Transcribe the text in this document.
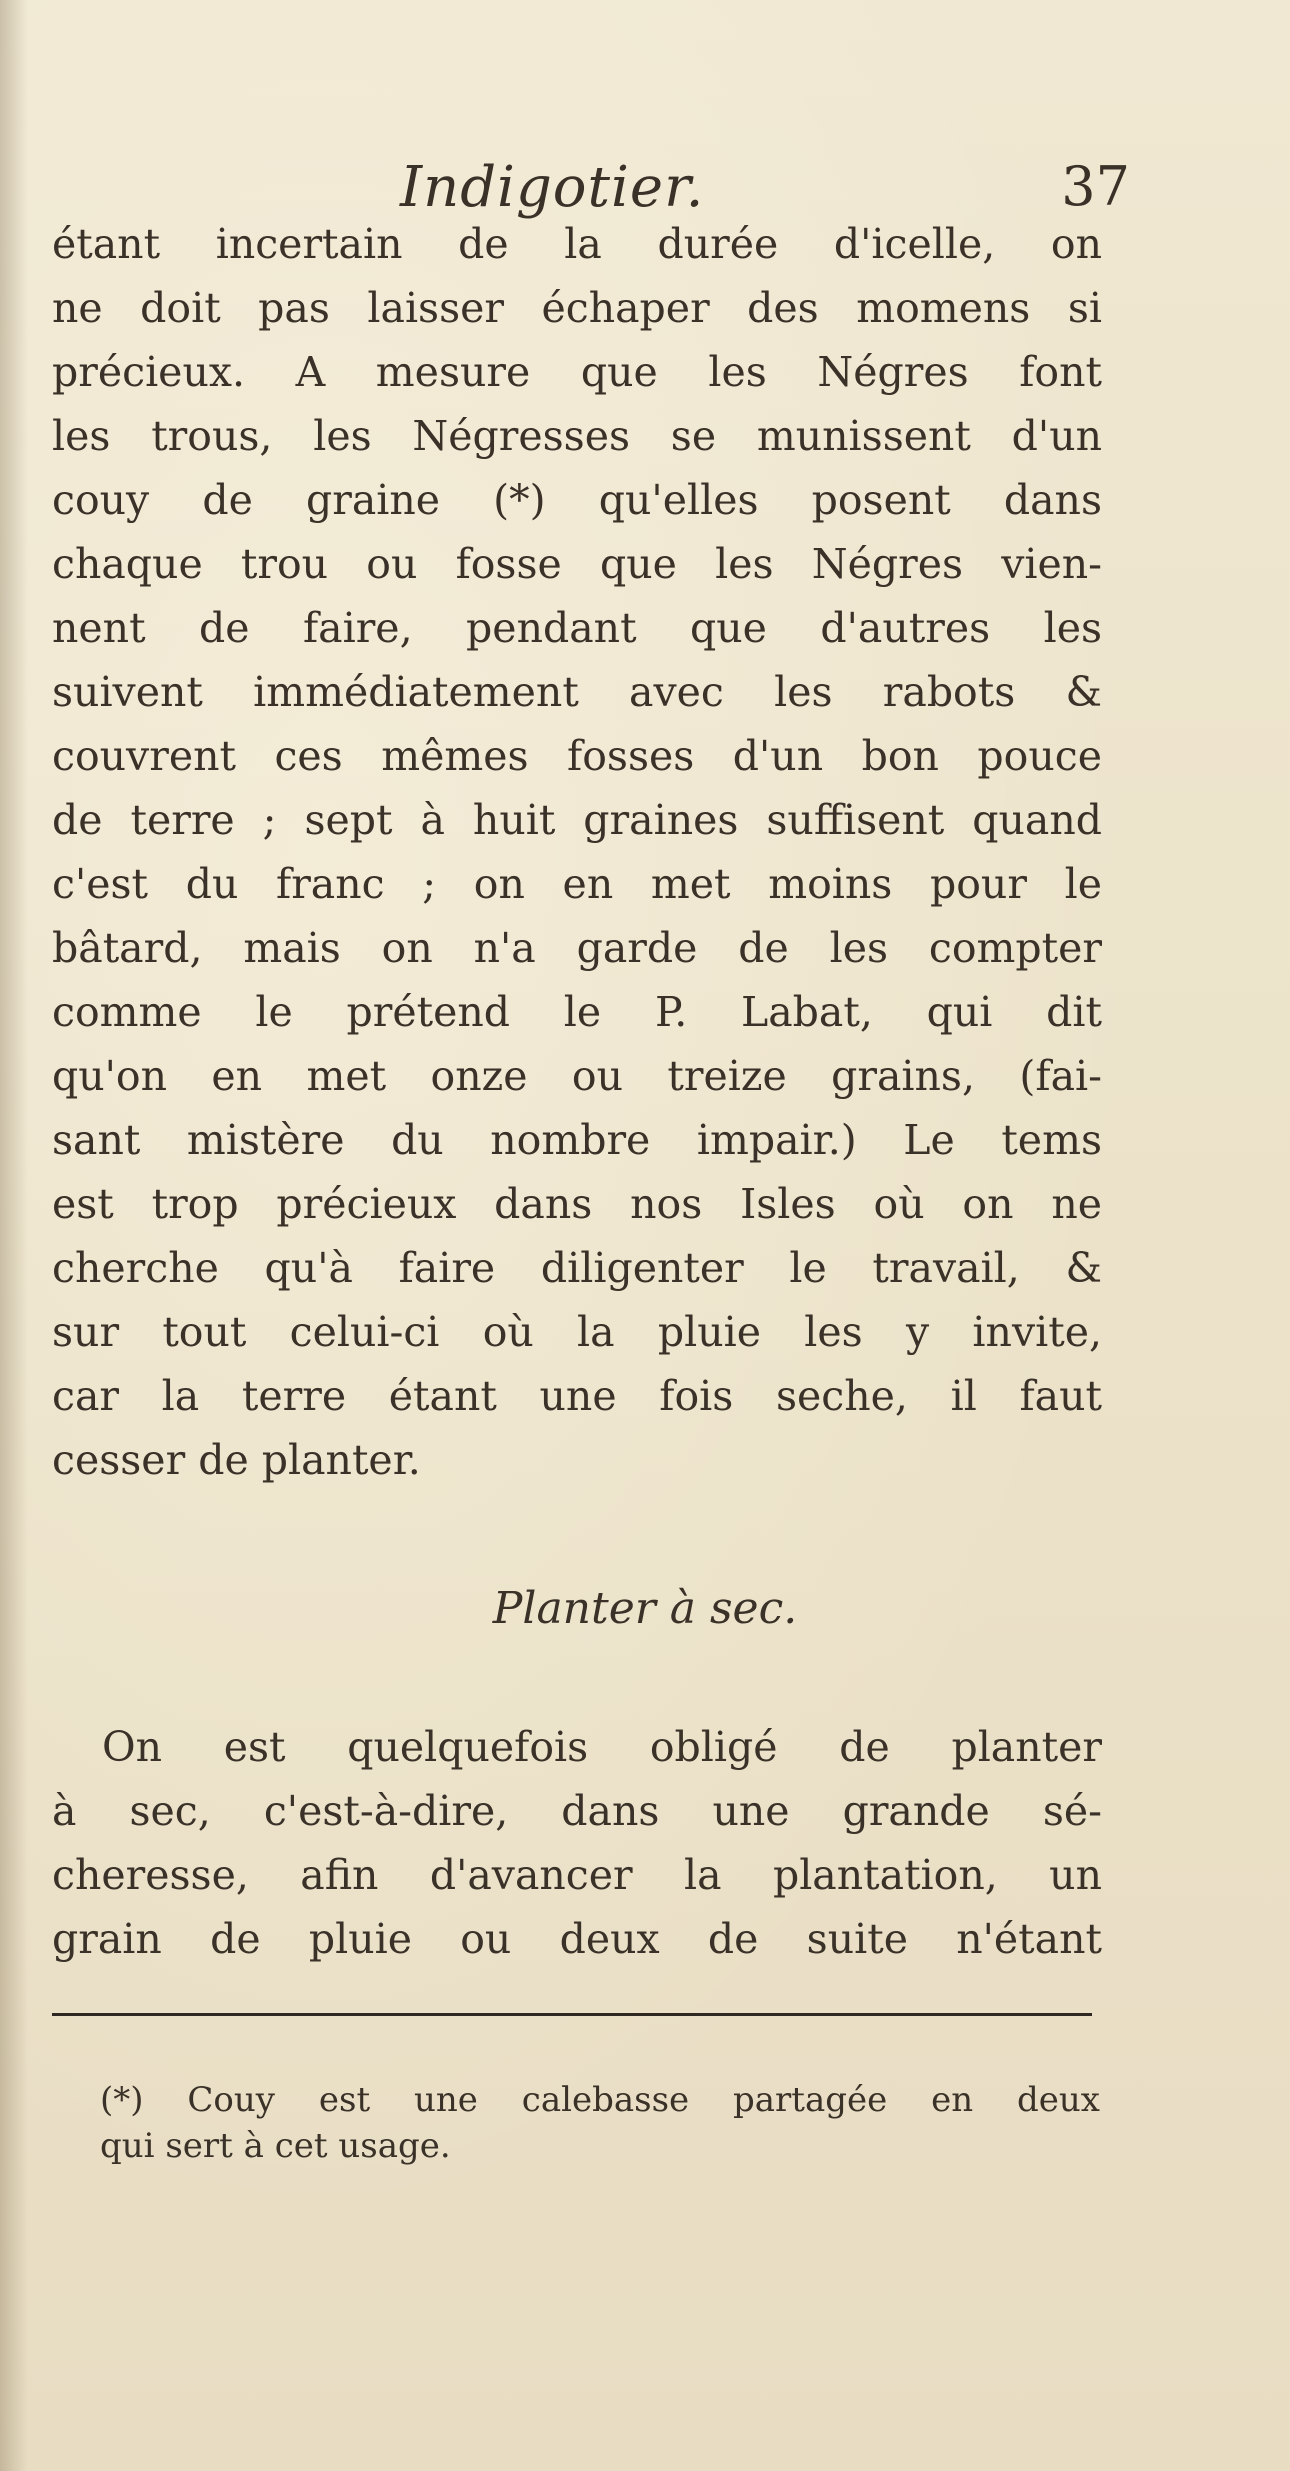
Indigotier.	37
étant incertain de la durée d'icelle, on
ne doit pas laisser échaper des momens si
précieux. A mesure que les Négres font
les trous, les Négresses se munissent d'un
couy de graine (*) qu'elles posent dans
chaque trou ou fosse que les Négres vien-
nent de faire, pendant que d'autres les
suivent immédiatement avec les rabots &
couvrent ces mêmes fosses d'un bon pouce
de terre ; sept à huit graines suffisent quand
c'est du franc ; on en met moins pour le
bâtard, mais on n'a garde de les compter
comme le prétend le P. Labat, qui dit
qu'on en met onze ou treize grains, (fai-
sant mistère du nombre impair.) Le tems
est trop précieux dans nos Isles où on ne
cherche qu'à faire diligenter le travail, &
sur tout celui-ci où la pluie les y invite,
car la terre étant une fois seche, il faut
cesser de planter.
Planter à sec.
On est quelquefois obligé de planter
à sec, c'est-à-dire, dans une grande sé-
cheresse, afin d'avancer la plantation, un
grain de pluie ou deux de suite n'étant
(*) Couy est une calebasse partagée en deux
qui sert à cet usage.
